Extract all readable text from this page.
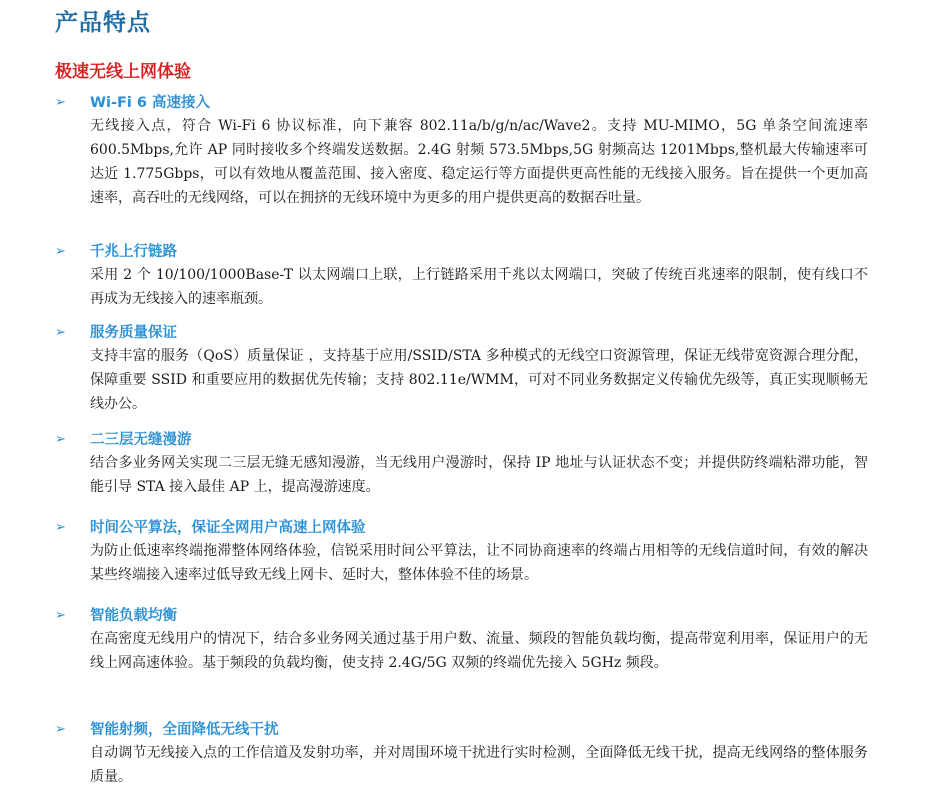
产品特点
极速无线上网体验
➢ Wi-Fi 6 高速接入

无线接入点，符合 Wi-Fi 6 协议标准，向下兼容 802.11a/b/g/n/ac/Wave2。支持 MU-MIMO，5G 单条空间流速率 600.5Mbps,允许 AP 同时接收多个终端发送数据。2.4G 射频 573.5Mbps,5G 射频高达 1201Mbps,整机最大传输速率可达近 1.775Gbps，可以有效地从覆盖范围、接入密度、稳定运行等方面提供更高性能的无线接入服务。旨在提供一个更加高速率，高吞吐的无线网络，可以在拥挤的无线环境中为更多的用户提供更高的数据吞吐量。

➢ 千兆上行链路

采用 2 个 10/100/1000Base-T 以太网端口上联，上行链路采用千兆以太网端口，突破了传统百兆速率的限制，使有线口不再成为无线接入的速率瓶颈。

➢ 服务质量保证

支持丰富的服务（QoS）质量保证 ，支持基于应用/SSID/STA 多种模式的无线空口资源管理，保证无线带宽资源合理分配，保障重要 SSID 和重要应用的数据优先传输；支持 802.11e/WMM，可对不同业务数据定义传输优先级等，真正实现顺畅无线办公。

➢ 二三层无缝漫游

结合多业务网关实现二三层无缝无感知漫游，当无线用户漫游时，保持 IP 地址与认证状态不变；并提供防终端粘滞功能，智能引导 STA 接入最佳 AP 上，提高漫游速度。

➢ 时间公平算法，保证全网用户高速上网体验

为防止低速率终端拖滞整体网络体验，信锐采用时间公平算法，让不同协商速率的终端占用相等的无线信道时间，有效的解决某些终端接入速率过低导致无线上网卡、延时大，整体体验不佳的场景。

➢ 智能负载均衡

在高密度无线用户的情况下，结合多业务网关通过基于用户数、流量、频段的智能负载均衡，提高带宽利用率，保证用户的无线上网高速体验。基于频段的负载均衡，使支持 2.4G/5G 双频的终端优先接入 5GHz 频段。

➢ 智能射频，全面降低无线干扰

自动调节无线接入点的工作信道及发射功率，并对周围环境干扰进行实时检测，全面降低无线干扰，提高无线网络的整体服务质量。
